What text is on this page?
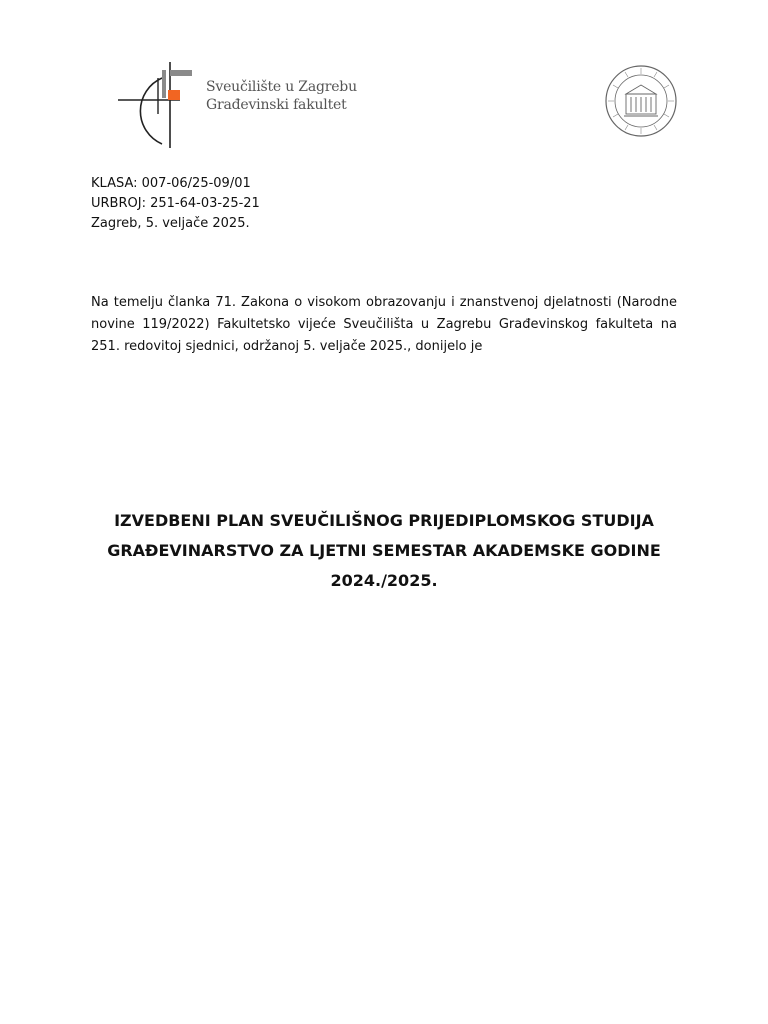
Sveučilište u Zagrebu
Građevinski fakultet
KLASA: 007-06/25-09/01
URBROJ: 251-64-03-25-21
Zagreb, 5. veljače 2025.
Na temelju članka 71. Zakona o visokom obrazovanju i znanstvenoj djelatnosti (Narodne novine 119/2022) Fakultetsko vijeće Sveučilišta u Zagrebu Građevinskog fakulteta na 251. redovitoj sjednici, održanoj 5. veljače 2025., donijelo je
IZVEDBENI PLAN SVEUČILIŠNOG PRIJEDIPLOMSKOG STUDIJA
GRAĐEVINARSTVO ZA LJETNI SEMESTAR AKADEMSKE GODINE
2024./2025.
